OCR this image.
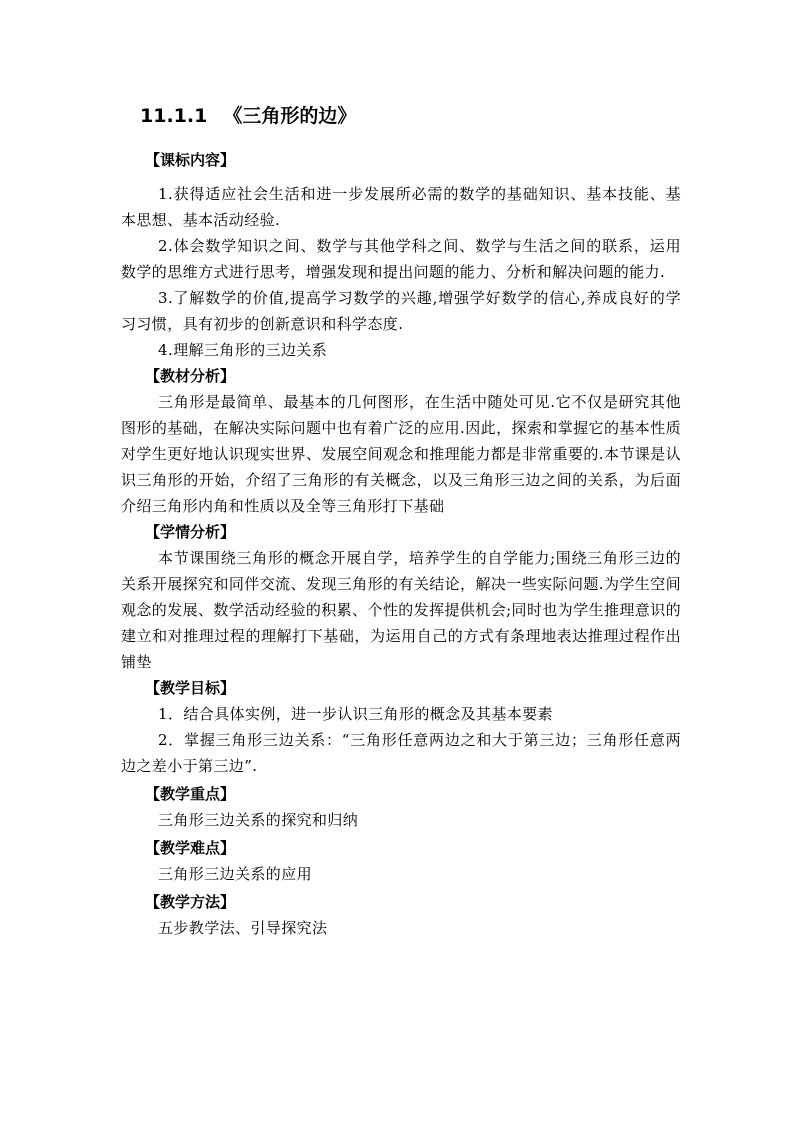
11.1.1 《三角形的边》
【课标内容】

1.获得适应社会生活和进一步发展所必需的数学的基础知识、基本技能、基本思想、基本活动经验.

2.体会数学知识之间、数学与其他学科之间、数学与生活之间的联系，运用数学的思维方式进行思考，增强发现和提出问题的能力、分析和解决问题的能力.

3.了解数学的价值,提高学习数学的兴趣,增强学好数学的信心,养成良好的学习习惯，具有初步的创新意识和科学态度.

4.理解三角形的三边关系

【教材分析】

三角形是最简单、最基本的几何图形，在生活中随处可见.它不仅是研究其他图形的基础，在解决实际问题中也有着广泛的应用.因此，探索和掌握它的基本性质对学生更好地认识现实世界、发展空间观念和推理能力都是非常重要的.本节课是认识三角形的开始，介绍了三角形的有关概念，以及三角形三边之间的关系，为后面介绍三角形内角和性质以及全等三角形打下基础

【学情分析】

本节课围绕三角形的概念开展自学，培养学生的自学能力;围绕三角形三边的关系开展探究和同伴交流、发现三角形的有关结论，解决一些实际问题.为学生空间观念的发展、数学活动经验的积累、个性的发挥提供机会;同时也为学生推理意识的建立和对推理过程的理解打下基础，为运用自己的方式有条理地表达推理过程作出铺垫

【教学目标】

1．结合具体实例，进一步认识三角形的概念及其基本要素

2．掌握三角形三边关系：“三角形任意两边之和大于第三边；三角形任意两边之差小于第三边”.

【教学重点】

三角形三边关系的探究和归纳

【教学难点】

三角形三边关系的应用

【教学方法】

五步教学法、引导探究法
